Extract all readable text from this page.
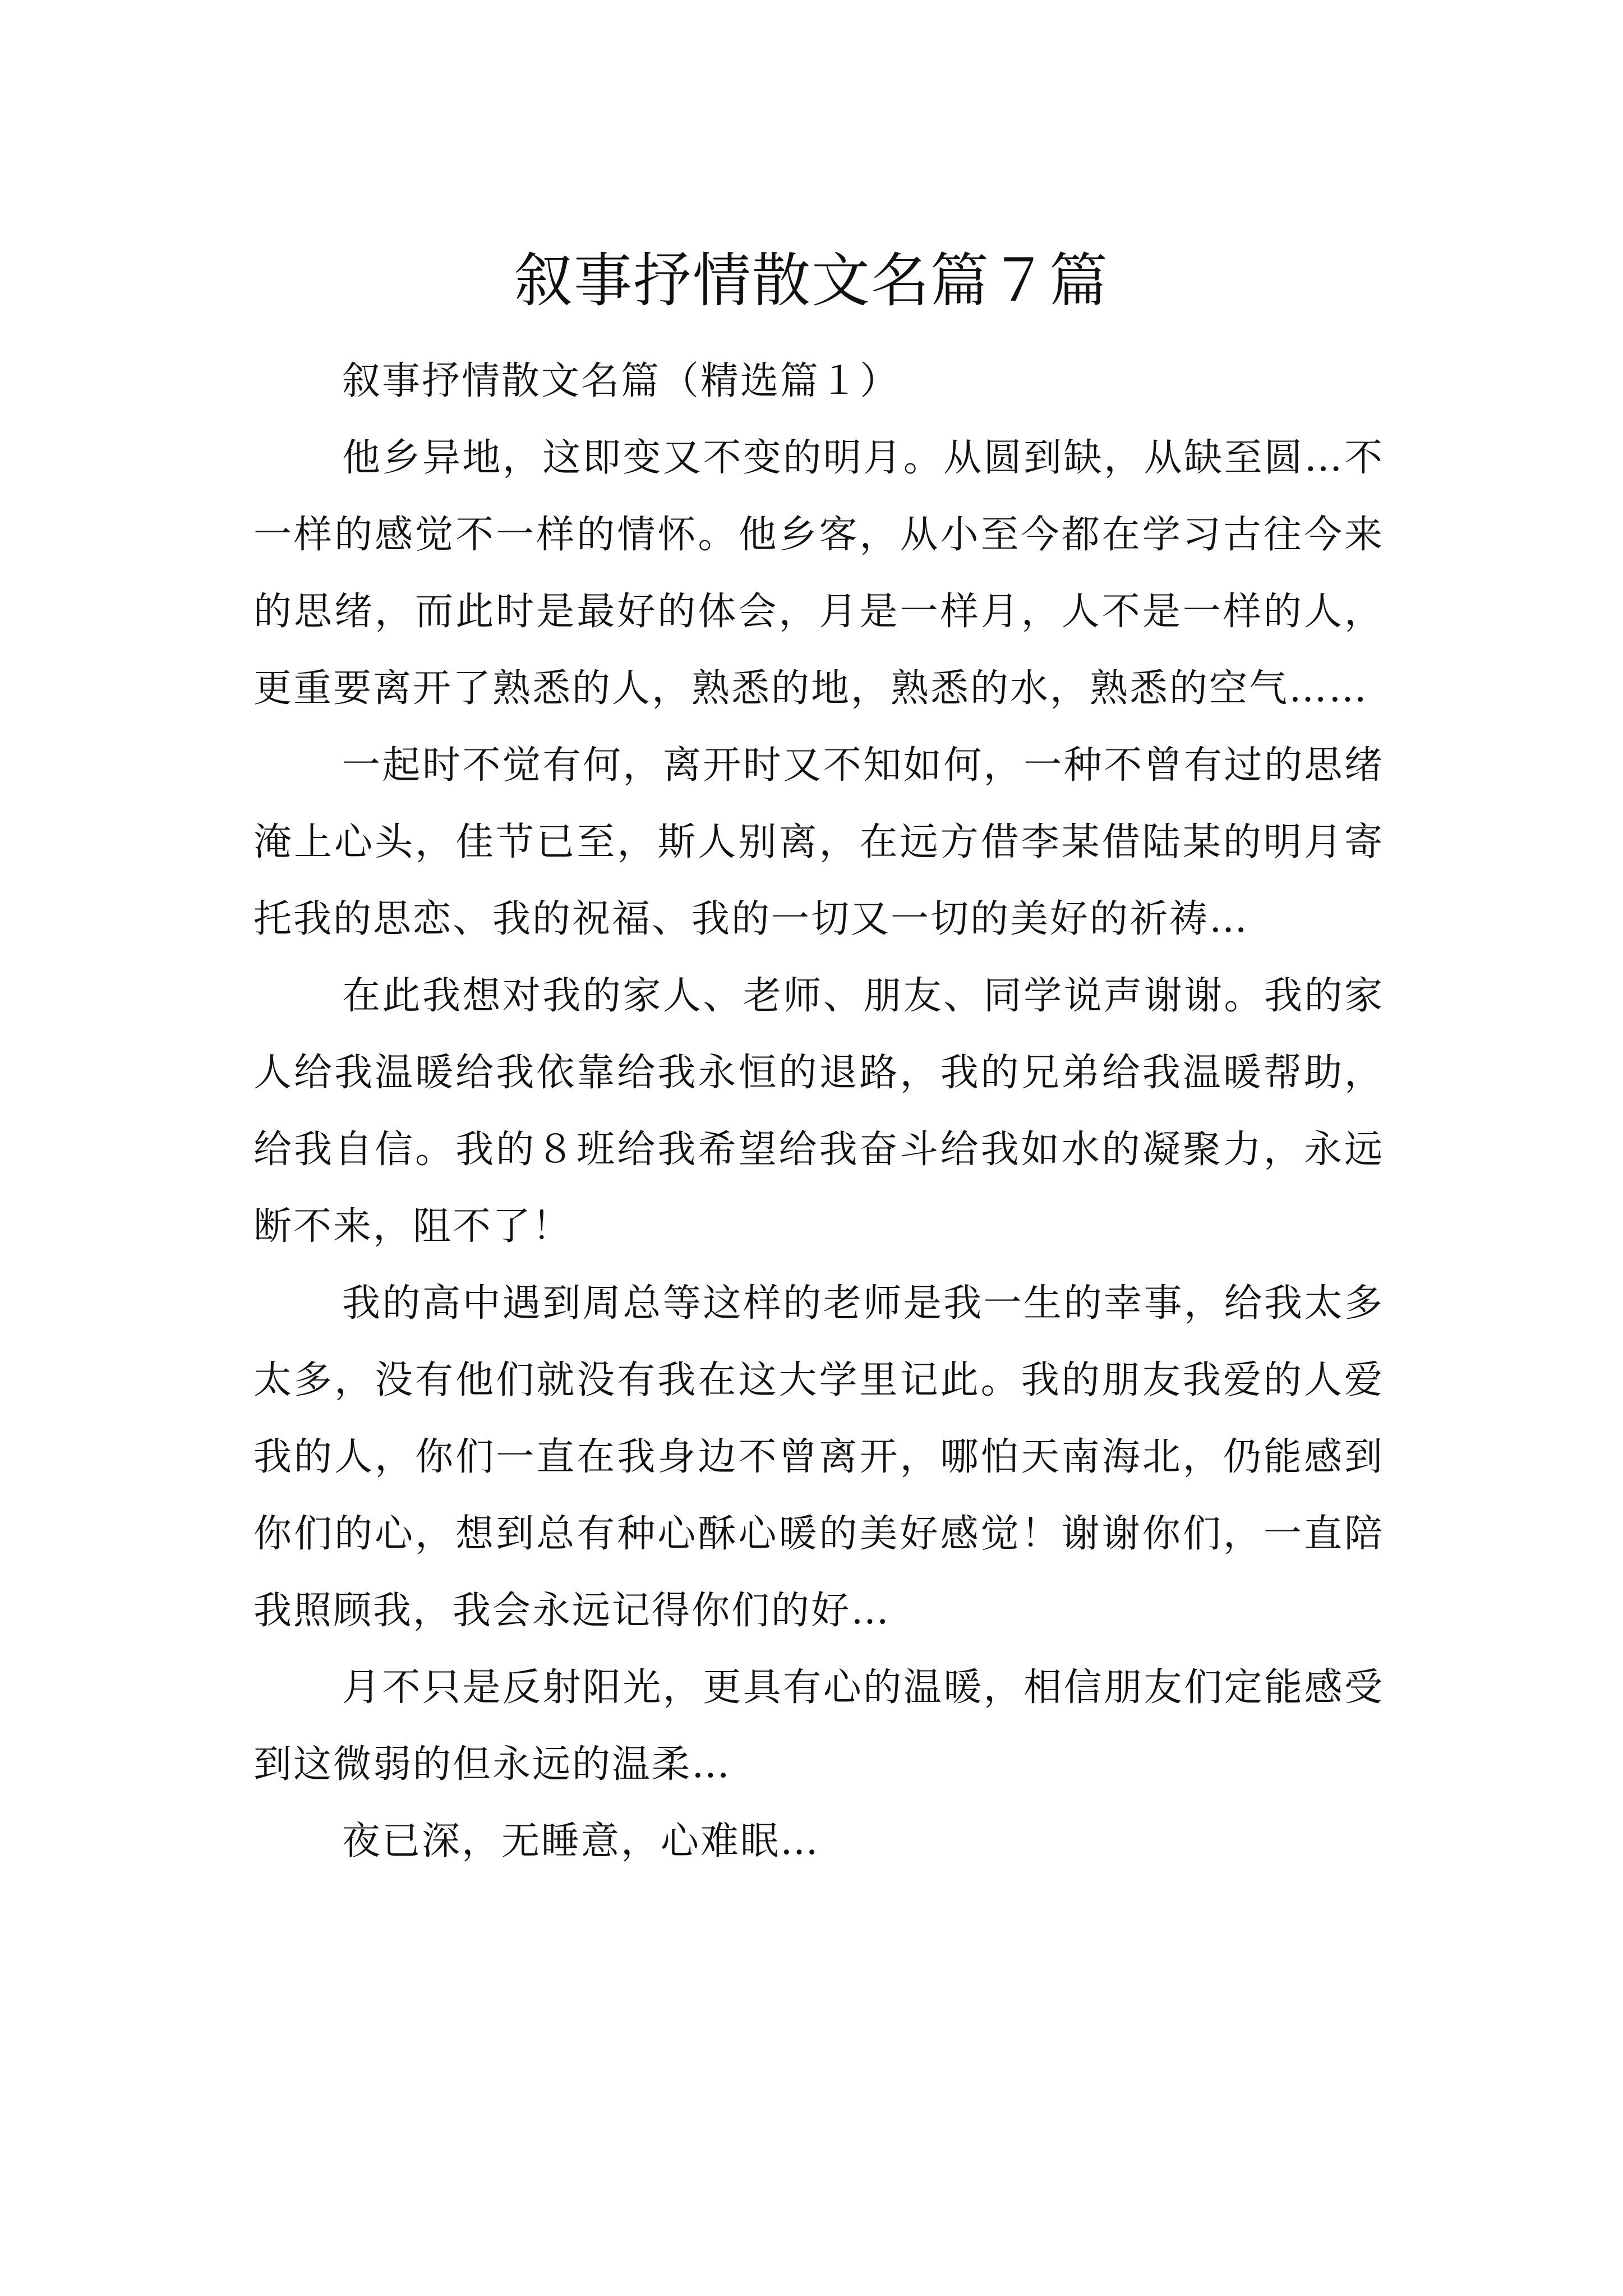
叙事抒情散文名篇７篇

叙事抒情散文名篇（精选篇１）

他乡异地，这即变又不变的明月。从圆到缺，从缺至圆…不一样的感觉不一样的情怀。他乡客，从小至今都在学习古往今来的思绪，而此时是最好的体会，月是一样月，人不是一样的人，更重要离开了熟悉的人，熟悉的地，熟悉的水，熟悉的空气……

一起时不觉有何，离开时又不知如何，一种不曾有过的思绪淹上心头，佳节已至，斯人别离，在远方借李某借陆某的明月寄托我的思恋、我的祝福、我的一切又一切的美好的祈祷…

在此我想对我的家人、老师、朋友、同学说声谢谢。我的家人给我温暖给我依靠给我永恒的退路，我的兄弟给我温暖帮助，给我自信。我的８班给我希望给我奋斗给我如水的凝聚力，永远断不来，阻不了！

我的高中遇到周总等这样的老师是我一生的幸事，给我太多太多，没有他们就没有我在这大学里记此。我的朋友我爱的人爱我的人，你们一直在我身边不曾离开，哪怕天南海北，仍能感到你们的心，想到总有种心酥心暖的美好感觉！谢谢你们，一直陪我照顾我，我会永远记得你们的好…

月不只是反射阳光，更具有心的温暖，相信朋友们定能感受到这微弱的但永远的温柔…

夜已深，无睡意，心难眠…
